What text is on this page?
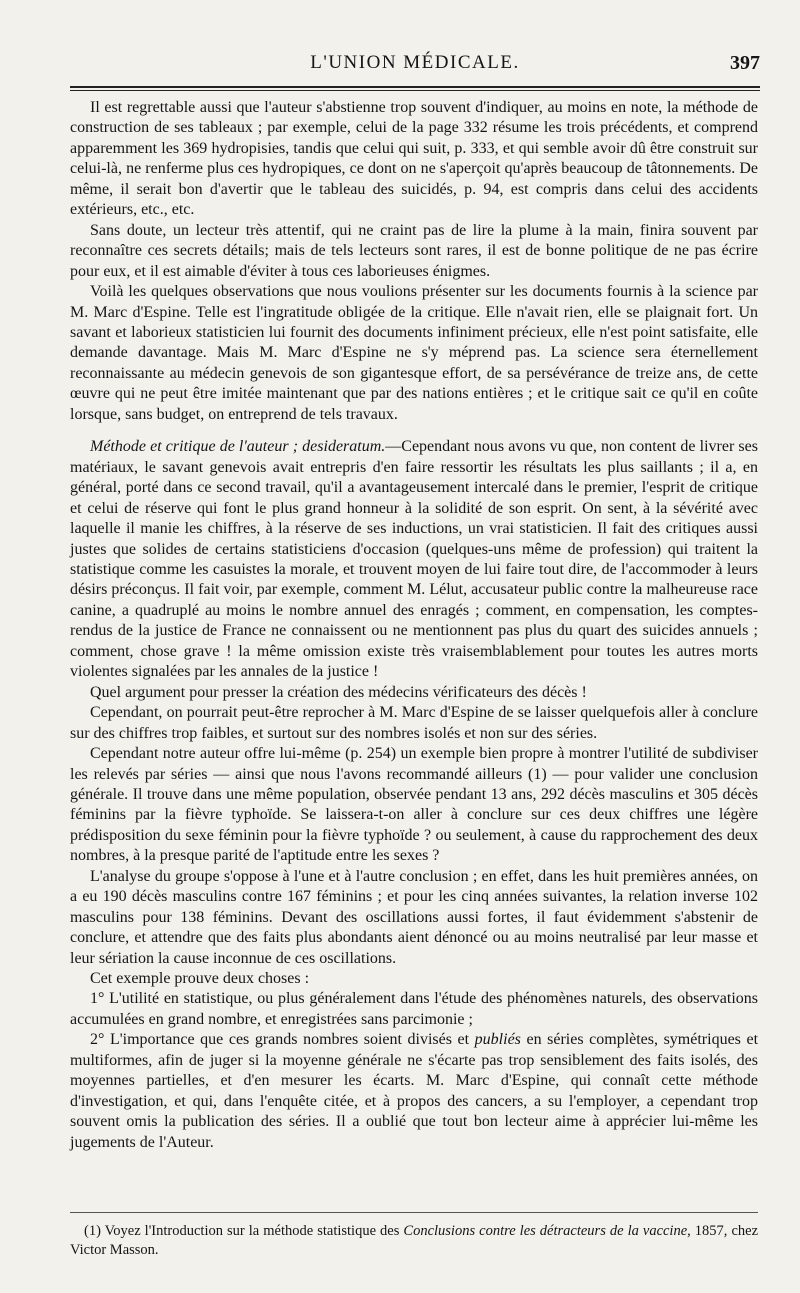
L'UNION MÉDICALE.	397

Il est regrettable aussi que l'auteur s'abstienne trop souvent d'indiquer, au moins en note, la méthode de construction de ses tableaux ; par exemple, celui de la page 332 résume les trois précédents, et comprend apparemment les 369 hydropisies, tandis que celui qui suit, p. 333, et qui semble avoir dû être construit sur celui-là, ne renferme plus ces hydropiques, ce dont on ne s'aperçoit qu'après beaucoup de tâtonnements. De même, il serait bon d'avertir que le tableau des suicidés, p. 94, est compris dans celui des accidents extérieurs, etc., etc.

Sans doute, un lecteur très attentif, qui ne craint pas de lire la plume à la main, finira souvent par reconnaître ces secrets détails; mais de tels lecteurs sont rares, il est de bonne politique de ne pas écrire pour eux, et il est aimable d'éviter à tous ces laborieuses énigmes.

Voilà les quelques observations que nous voulions présenter sur les documents fournis à la science par M. Marc d'Espine. Telle est l'ingratitude obligée de la critique. Elle n'avait rien, elle se plaignait fort. Un savant et laborieux statisticien lui fournit des documents infiniment précieux, elle n'est point satisfaite, elle demande davantage. Mais M. Marc d'Espine ne s'y méprend pas. La science sera éternellement reconnaissante au médecin genevois de son gigantesque effort, de sa persévérance de treize ans, de cette œuvre qui ne peut être imitée maintenant que par des nations entières ; et le critique sait ce qu'il en coûte lorsque, sans budget, on entreprend de tels travaux.

Méthode et critique de l'auteur ; desideratum.—Cependant nous avons vu que, non content de livrer ses matériaux, le savant genevois avait entrepris d'en faire ressortir les résultats les plus saillants ; il a, en général, porté dans ce second travail, qu'il a avantageusement intercalé dans le premier, l'esprit de critique et celui de réserve qui font le plus grand honneur à la solidité de son esprit. On sent, à la sévérité avec laquelle il manie les chiffres, à la réserve de ses inductions, un vrai statisticien. Il fait des critiques aussi justes que solides de certains statisticiens d'occasion (quelques-uns même de profession) qui traitent la statistique comme les casuistes la morale, et trouvent moyen de lui faire tout dire, de l'accommoder à leurs désirs préconçus. Il fait voir, par exemple, comment M. Lélut, accusateur public contre la malheureuse race canine, a quadruplé au moins le nombre annuel des enragés ; comment, en compensation, les comptes-rendus de la justice de France ne connaissent ou ne mentionnent pas plus du quart des suicides annuels ; comment, chose grave ! la même omission existe très vraisemblablement pour toutes les autres morts violentes signalées par les annales de la justice !

Quel argument pour presser la création des médecins vérificateurs des décès !

Cependant, on pourrait peut-être reprocher à M. Marc d'Espine de se laisser quelquefois aller à conclure sur des chiffres trop faibles, et surtout sur des nombres isolés et non sur des séries.

Cependant notre auteur offre lui-même (p. 254) un exemple bien propre à montrer l'utilité de subdiviser les relevés par séries — ainsi que nous l'avons recommandé ailleurs (1) — pour valider une conclusion générale. Il trouve dans une même population, observée pendant 13 ans, 292 décès masculins et 305 décès féminins par la fièvre typhoïde. Se laissera-t-on aller à conclure sur ces deux chiffres une légère prédisposition du sexe féminin pour la fièvre typhoïde ? ou seulement, à cause du rapprochement des deux nombres, à la presque parité de l'aptitude entre les sexes ?

L'analyse du groupe s'oppose à l'une et à l'autre conclusion ; en effet, dans les huit premières années, on a eu 190 décès masculins contre 167 féminins ; et pour les cinq années suivantes, la relation inverse 102 masculins pour 138 féminins. Devant des oscillations aussi fortes, il faut évidemment s'abstenir de conclure, et attendre que des faits plus abondants aient dénoncé ou au moins neutralisé par leur masse et leur sériation la cause inconnue de ces oscillations.

Cet exemple prouve deux choses :

1° L'utilité en statistique, ou plus généralement dans l'étude des phénomènes naturels, des observations accumulées en grand nombre, et enregistrées sans parcimonie ;

2° L'importance que ces grands nombres soient divisés et publiés en séries complètes, symétriques et multiformes, afin de juger si la moyenne générale ne s'écarte pas trop sensiblement des faits isolés, des moyennes partielles, et d'en mesurer les écarts. M. Marc d'Espine, qui connaît cette méthode d'investigation, et qui, dans l'enquête citée, et à propos des cancers, a su l'employer, a cependant trop souvent omis la publication des séries. Il a oublié que tout bon lecteur aime à apprécier lui-même les jugements de l'Auteur.

(1) Voyez l'Introduction sur la méthode statistique des Conclusions contre les détracteurs de la vaccine, 1857, chez Victor Masson.
